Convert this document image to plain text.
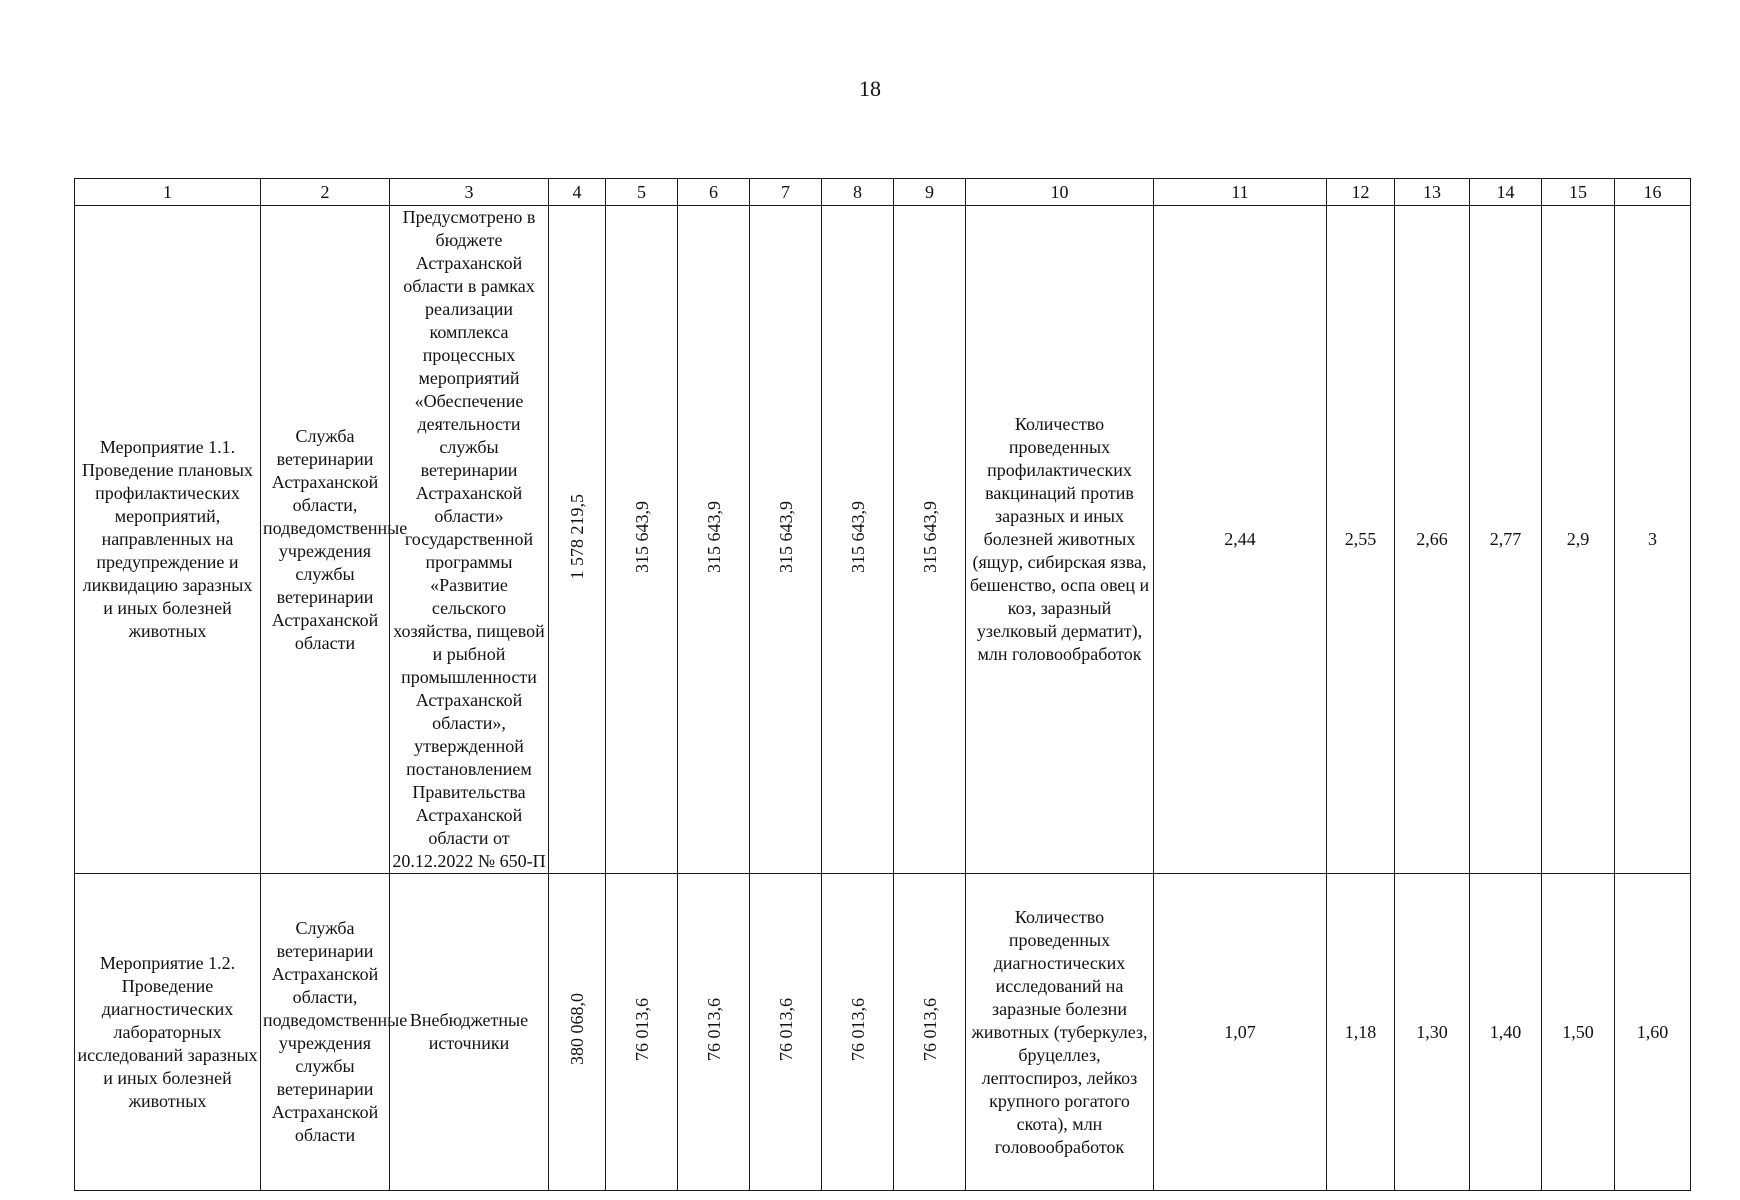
18
1	2	3	4	5	6	7	8	9	10	11	12	13	14	15	16
Мероприятие 1.1. Проведение плановых профилактических мероприятий, направленных на предупреждение и ликвидацию заразных и иных болезней животных	Служба ветеринарии Астраханской области, подведомственные учреждения службы ветеринарии Астраханской области	Предусмотрено в бюджете Астраханской области в рамках реализации комплекса процессных мероприятий «Обеспечение деятельности службы ветеринарии Астраханской области» государственной программы «Развитие сельского хозяйства, пищевой и рыбной промышленности Астраханской области», утвержденной постановлением Правительства Астраханской области от 20.12.2022 № 650-П	1 578 219,5	315 643,9	315 643,9	315 643,9	315 643,9	315 643,9	Количество проведенных профилактических вакцинаций против заразных и иных болезней животных (ящур, сибирская язва, бешенство, оспа овец и коз, заразный узелковый дерматит), млн головообработок	2,44	2,55	2,66	2,77	2,9	3
Мероприятие 1.2. Проведение диагностических лабораторных исследований заразных и иных болезней животных	Служба ветеринарии Астраханской области, подведомственные учреждения службы ветеринарии Астраханской области	Внебюджетные источники	380 068,0	76 013,6	76 013,6	76 013,6	76 013,6	76 013,6	Количество проведенных диагностических исследований на заразные болезни животных (туберкулез, бруцеллез, лептоспироз, лейкоз крупного рогатого скота), млн головообработок	1,07	1,18	1,30	1,40	1,50	1,60
